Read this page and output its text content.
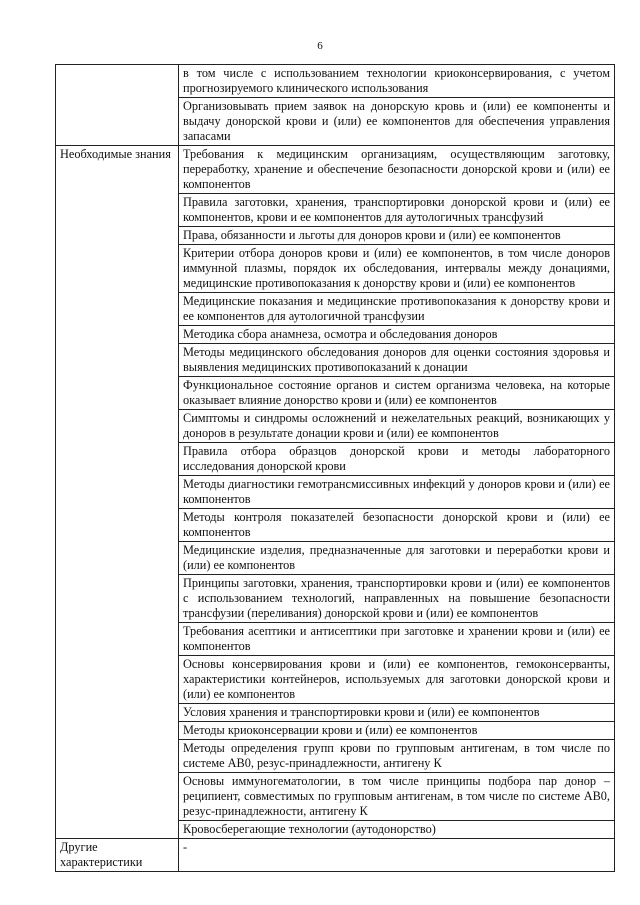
6
	в том числе с использованием технологии криоконсервирования, с учетом прогнозируемого клинического использования
	Организовывать прием заявок на донорскую кровь и (или) ее компоненты и выдачу донорской крови и (или) ее компонентов для обеспечения управления запасами
Необходимые знания	Требования к медицинским организациям, осуществляющим заготовку, переработку, хранение и обеспечение безопасности донорской крови и (или) ее компонентов
	Правила заготовки, хранения, транспортировки донорской крови и (или) ее компонентов, крови и ее компонентов для аутологичных трансфузий
	Права, обязанности и льготы для доноров крови и (или) ее компонентов
	Критерии отбора доноров крови и (или) ее компонентов, в том числе доноров иммунной плазмы, порядок их обследования, интервалы между донациями, медицинские противопоказания к донорству крови и (или) ее компонентов
	Медицинские показания и медицинские противопоказания к донорству крови и ее компонентов для аутологичной трансфузии
	Методика сбора анамнеза, осмотра и обследования доноров
	Методы медицинского обследования доноров для оценки состояния здоровья и выявления медицинских противопоказаний к донации
	Функциональное состояние органов и систем организма человека, на которые оказывает влияние донорство крови и (или) ее компонентов
	Симптомы и синдромы осложнений и нежелательных реакций, возникающих у доноров в результате донации крови и (или) ее компонентов
	Правила отбора образцов донорской крови и методы лабораторного исследования донорской крови
	Методы диагностики гемотрансмиссивных инфекций у доноров крови и (или) ее компонентов
	Методы контроля показателей безопасности донорской крови и (или) ее компонентов
	Медицинские изделия, предназначенные для заготовки и переработки крови и (или) ее компонентов
	Принципы заготовки, хранения, транспортировки крови и (или) ее компонентов с использованием технологий, направленных на повышение безопасности трансфузии (переливания) донорской крови и (или) ее компонентов
	Требования асептики и антисептики при заготовке и хранении крови и (или) ее компонентов
	Основы консервирования крови и (или) ее компонентов, гемоконсерванты, характеристики контейнеров, используемых для заготовки донорской крови и (или) ее компонентов
	Условия хранения и транспортировки крови и (или) ее компонентов
	Методы криоконсервации крови и (или) ее компонентов
	Методы определения групп крови по групповым антигенам, в том числе по системе АВ0, резус-принадлежности, антигену К
	Основы иммуногематологии, в том числе принципы подбора пар донор – реципиент, совместимых по групповым антигенам, в том числе по системе АВ0, резус-принадлежности, антигену К
	Кровосберегающие технологии (аутодонорство)
Другие характеристики	-
